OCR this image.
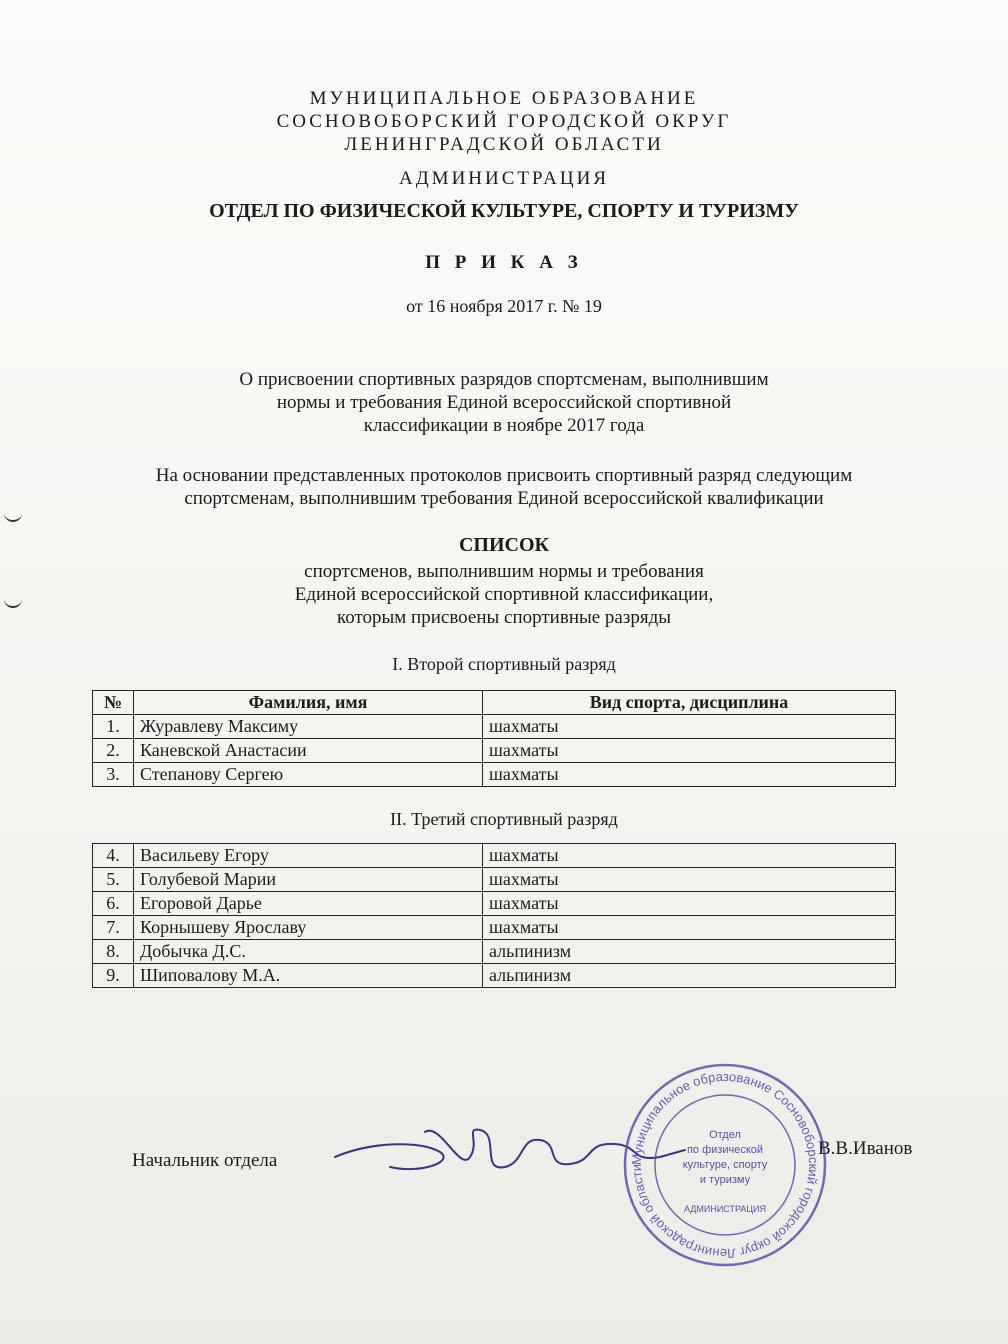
МУНИЦИПАЛЬНОЕ ОБРАЗОВАНИЕ
СОСНОВОБОРСКИЙ ГОРОДСКОЙ ОКРУГ
ЛЕНИНГРАДСКОЙ ОБЛАСТИ
АДМИНИСТРАЦИЯ
ОТДЕЛ ПО ФИЗИЧЕСКОЙ КУЛЬТУРЕ, СПОРТУ И ТУРИЗМУ
П Р И К А З
от 16 ноября 2017 г. № 19
О присвоении спортивных разрядов спортсменам, выполнившим
нормы и требования Единой всероссийской спортивной
классификации в ноябре 2017 года
На основании представленных протоколов присвоить спортивный разряд следующим
спортсменам, выполнившим требования Единой всероссийской квалификации
СПИСОК
спортсменов, выполнившим нормы и требования
Единой всероссийской спортивной классификации,
которым присвоены спортивные разряды
I. Второй спортивный разряд
№	Фамилия, имя	Вид спорта, дисциплина
1.	Журавлеву Максиму	шахматы
2.	Каневской Анастасии	шахматы
3.	Степанову Сергею	шахматы
II. Третий спортивный разряд
4.	Васильеву Егору	шахматы
5.	Голубевой Марии	шахматы
6.	Егоровой Дарье	шахматы
7.	Корнышеву Ярославу	шахматы
8.	Добычка Д.С.	альпинизм
9.	Шиповалову М.А.	альпинизм
Начальник отдела	Муниципальное образование Сосновоборский городской округ Ленинградской области
Отдел
по физической
культуре, спорту
и туризму
АДМИНИСТРАЦИЯ
В.В.Иванов
